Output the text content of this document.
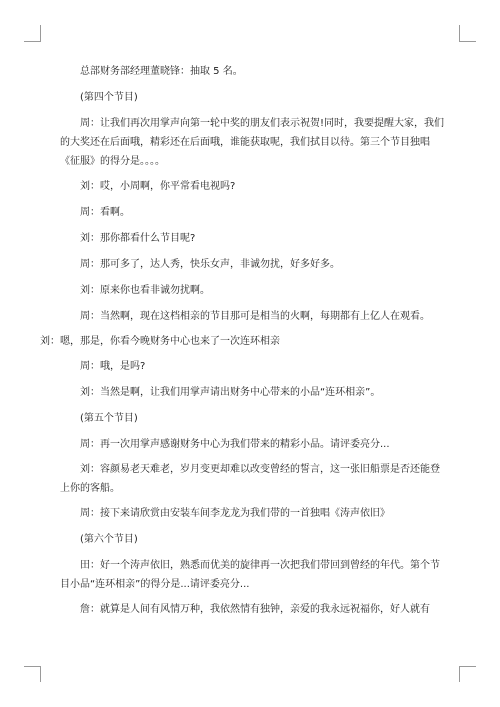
总部财务部经理董晓锋：抽取 5 名。

(第四个节目)

周：让我们再次用掌声向第一轮中奖的朋友们表示祝贺!同时，我要提醒大家，我们的大奖还在后面哦，精彩还在后面哦，谁能获取呢，我们拭目以待。第三个节目独唱《征服》的得分是。。。。

刘：哎，小周啊，你平常看电视吗?

周：看啊。

刘：那你都看什么节目呢?

周：那可多了，达人秀，快乐女声，非诚勿扰，好多好多。

刘：原来你也看非诚勿扰啊。

周：当然啊，现在这档相亲的节目那可是相当的火啊，每期都有上亿人在观看。

刘：嗯，那是，你看今晚财务中心也来了一次连环相亲

周：哦，是吗?

刘：当然是啊，让我们用掌声请出财务中心带来的小品“连环相亲”。

(第五个节目)

周：再一次用掌声感谢财务中心为我们带来的精彩小品。请评委亮分...

刘：容颜易老天难老，岁月变更却难以改变曾经的誓言，这一张旧船票是否还能登上你的客船。

周：接下来请欣赏由安装车间李龙龙为我们带的一首独唱《涛声依旧》

(第六个节目)

田：好一个涛声依旧，熟悉而优美的旋律再一次把我们带回到曾经的年代。第个节目小品“连环相亲”的得分是...请评委亮分...

詹：就算是人间有风情万种，我依然情有独钟，亲爱的我永远祝福你，好人就有
